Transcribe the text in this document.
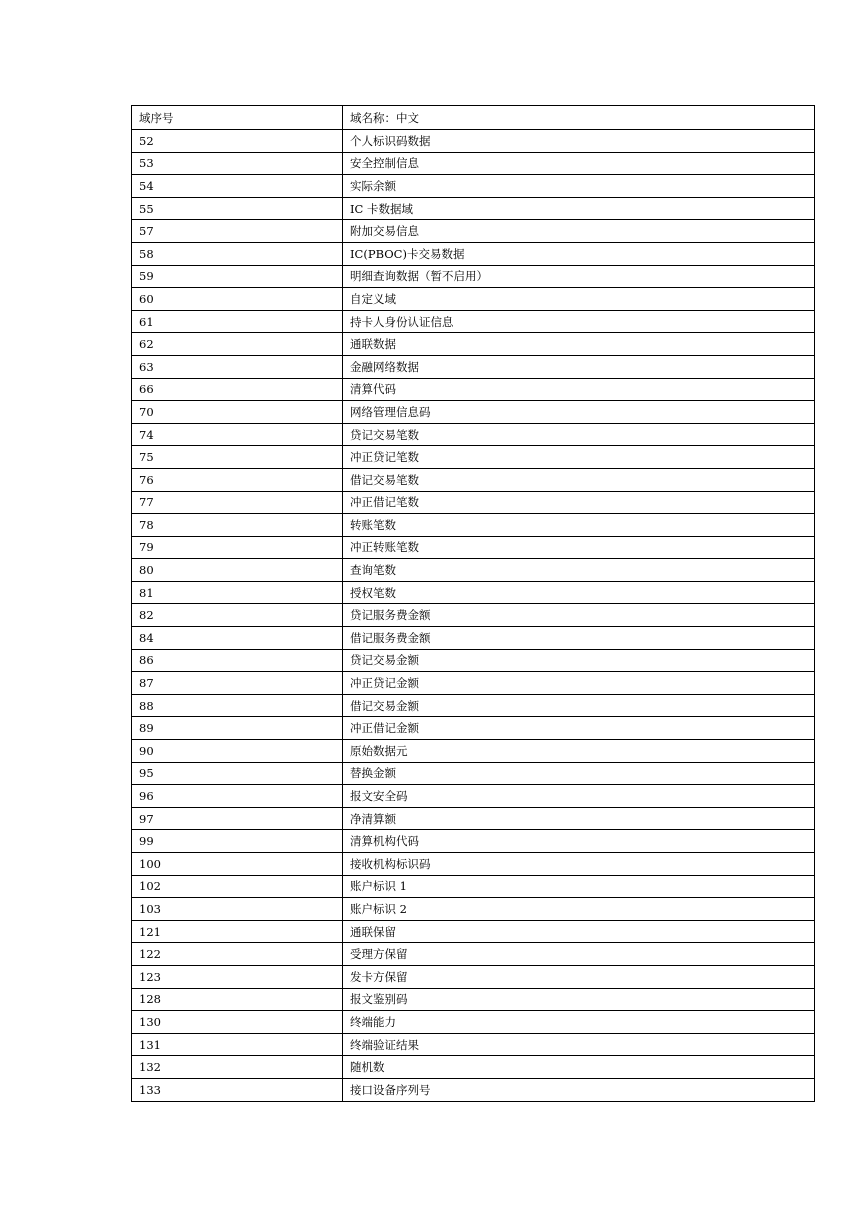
域序号	域名称：中文
52	个人标识码数据
53	安全控制信息
54	实际余额
55	IC 卡数据域
57	附加交易信息
58	IC(PBOC)卡交易数据
59	明细查询数据（暂不启用）
60	自定义域
61	持卡人身份认证信息
62	通联数据
63	金融网络数据
66	清算代码
70	网络管理信息码
74	贷记交易笔数
75	冲正贷记笔数
76	借记交易笔数
77	冲正借记笔数
78	转账笔数
79	冲正转账笔数
80	查询笔数
81	授权笔数
82	贷记服务费金额
84	借记服务费金额
86	贷记交易金额
87	冲正贷记金额
88	借记交易金额
89	冲正借记金额
90	原始数据元
95	替换金额
96	报文安全码
97	净清算额
99	清算机构代码
100	接收机构标识码
102	账户标识 1
103	账户标识 2
121	通联保留
122	受理方保留
123	发卡方保留
128	报文鉴别码
130	终端能力
131	终端验证结果
132	随机数
133	接口设备序列号
